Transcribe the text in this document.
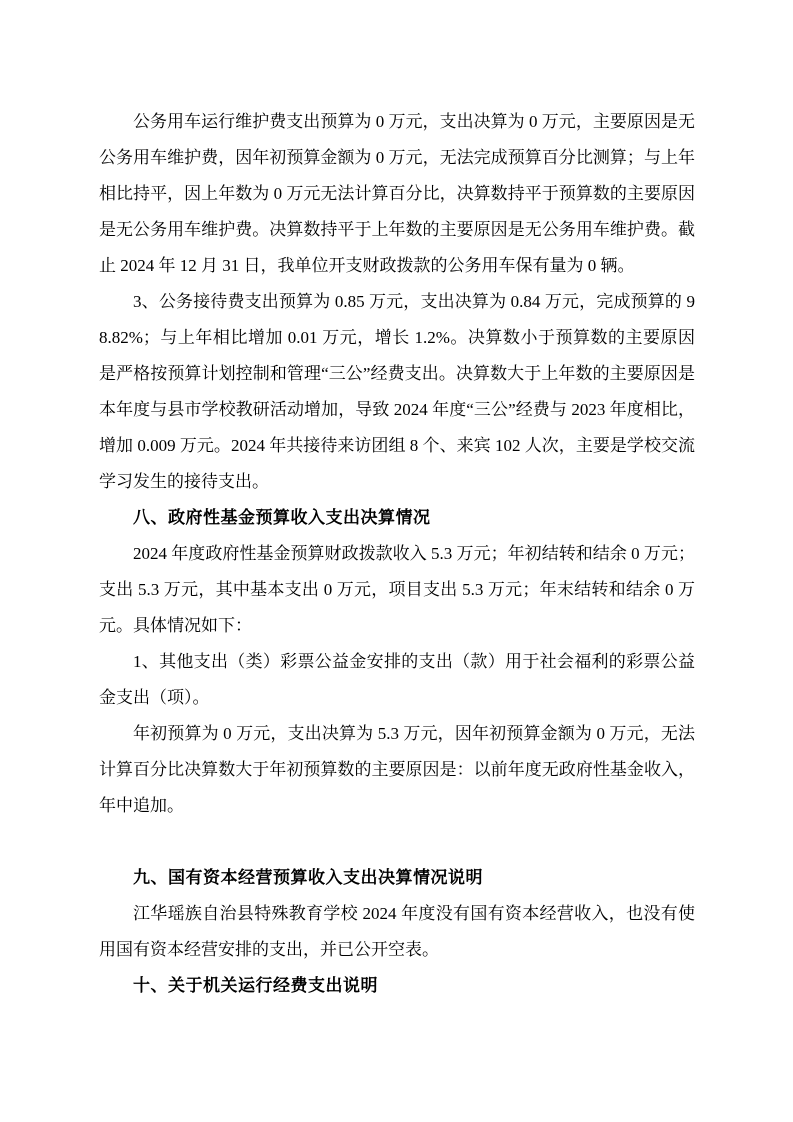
公务用车运行维护费支出预算为 0 万元，支出决算为 0 万元，主要原因是无公务用车维护费，因年初预算金额为 0 万元，无法完成预算百分比测算；与上年相比持平，因上年数为 0 万元无法计算百分比，决算数持平于预算数的主要原因是无公务用车维护费。决算数持平于上年数的主要原因是无公务用车维护费。截止 2024 年 12 月 31 日，我单位开支财政拨款的公务用车保有量为 0 辆。

3、公务接待费支出预算为 0.85 万元，支出决算为 0.84 万元，完成预算的 98.82%；与上年相比增加 0.01 万元，增长 1.2%。决算数小于预算数的主要原因是严格按预算计划控制和管理“三公”经费支出。决算数大于上年数的主要原因是本年度与县市学校教研活动增加，导致 2024 年度“三公”经费与 2023 年度相比，增加 0.009 万元。2024 年共接待来访团组 8 个、来宾 102 人次，主要是学校交流学习发生的接待支出。

八、政府性基金预算收入支出决算情况

2024 年度政府性基金预算财政拨款收入 5.3 万元；年初结转和结余 0 万元；支出 5.3 万元，其中基本支出 0 万元，项目支出 5.3 万元；年末结转和结余 0 万元。具体情况如下：

1、其他支出（类）彩票公益金安排的支出（款）用于社会福利的彩票公益金支出（项）。

年初预算为 0 万元，支出决算为 5.3 万元，因年初预算金额为 0 万元，无法计算百分比决算数大于年初预算数的主要原因是：以前年度无政府性基金收入，年中追加。

九、国有资本经营预算收入支出决算情况说明

江华瑶族自治县特殊教育学校 2024 年度没有国有资本经营收入，也没有使用国有资本经营安排的支出，并已公开空表。

十、关于机关运行经费支出说明
